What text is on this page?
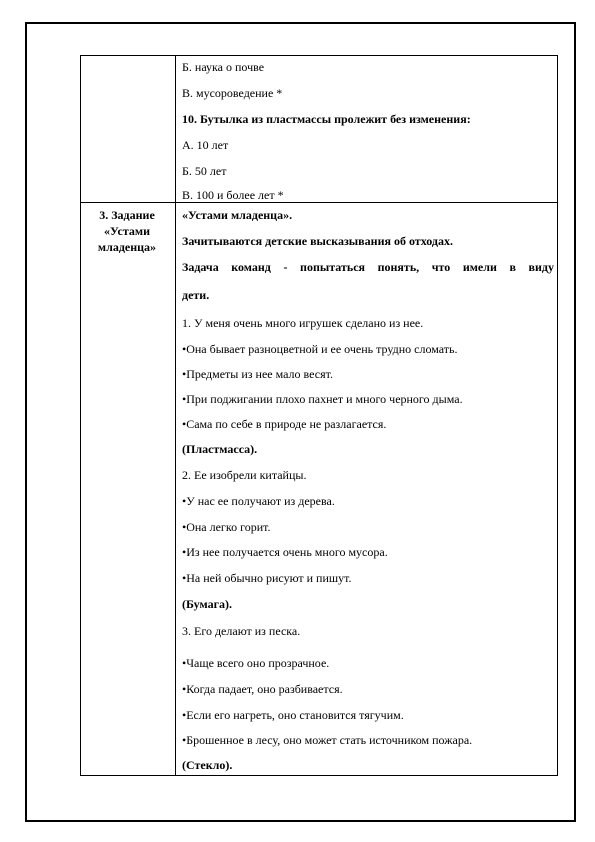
3. Задание
«Устами
младенца»
Б. наука о почве
В. мусороведение *
10. Бутылка из пластмассы пролежит без изменения:
А. 10 лет
Б. 50 лет
В. 100 и более лет *
«Устами младенца».
Зачитываются детские высказывания об отходах.
Задача команд - попытаться понять, что имели в виду
дети.
1. У меня очень много игрушек сделано из нее.
•Она бывает разноцветной и ее очень трудно сломать.
•Предметы из нее мало весят.
•При поджигании плохо пахнет и много черного дыма.
•Сама по себе в природе не разлагается.
(Пластмасса).
2. Ее изобрели китайцы.
•У нас ее получают из дерева.
•Она легко горит.
•Из нее получается очень много мусора.
•На ней обычно рисуют и пишут.
(Бумага).
3. Его делают из песка.
•Чаще всего оно прозрачное.
•Когда падает, оно разбивается.
•Если его нагреть, оно становится тягучим.
•Брошенное в лесу, оно может стать источником пожара.
(Стекло).
